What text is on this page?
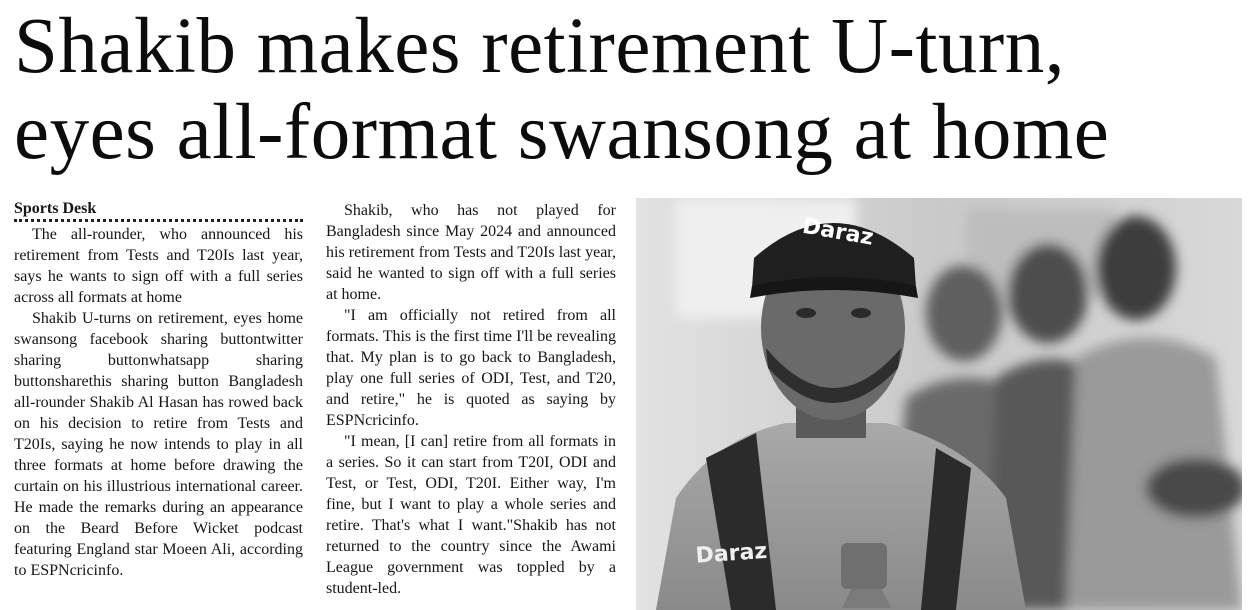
Shakib makes retirement U-turn,
eyes all-format swansong at home
Sports Desk

The all-rounder, who announced his retirement from Tests and T20Is last year, says he wants to sign off with a full series across all formats at home

Shakib U-turns on retirement, eyes home swansong facebook sharing buttontwitter sharing buttonwhatsapp sharing buttonsharethis sharing button Bangladesh all-rounder Shakib Al Hasan has rowed back on his decision to retire from Tests and T20Is, saying he now intends to play in all three formats at home before drawing the curtain on his illustrious international career. He made the remarks during an appearance on the Beard Before Wicket podcast featuring England star Moeen Ali, according to ESPNcricinfo.

Shakib, who has not played for Bangladesh since May 2024 and announced his retirement from Tests and T20Is last year, said he wanted to sign off with a full series at home.

"I am officially not retired from all formats. This is the first time I'll be revealing that. My plan is to go back to Bangladesh, play one full series of ODI, Test, and T20, and retire," he is quoted as saying by ESPNcricinfo.

"I mean, [I can] retire from all formats in a series. So it can start from T20I, ODI and Test, or Test, ODI, T20I. Either way, I'm fine, but I want to play a whole series and retire. That's what I want."Shakib has not returned to the country since the Awami League government was toppled by a student-led.

Daraz
Daraz
